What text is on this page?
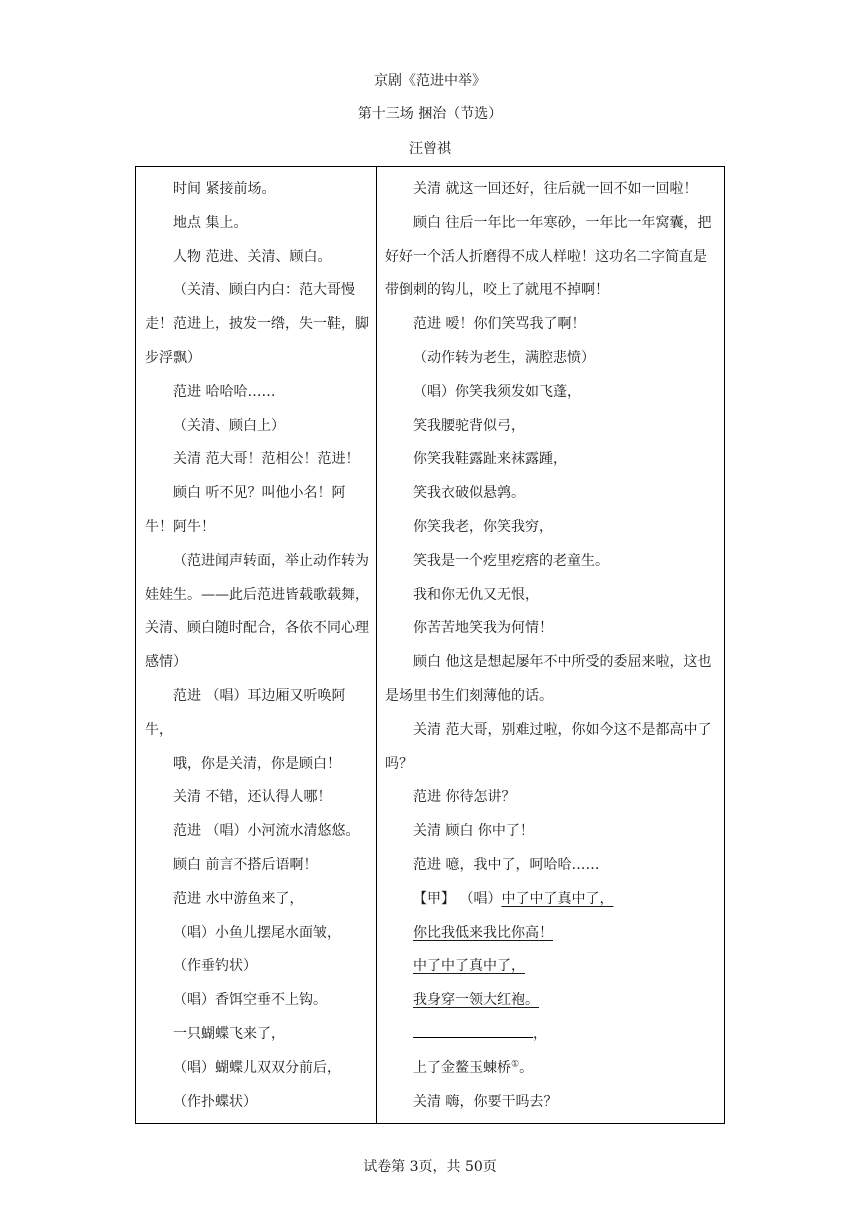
京剧《范进中举》
第十三场 捆治（节选）
汪曾祺

时间 紧接前场。

地点 集上。

人物 范进、关清、顾白。

（关清、顾白内白：范大哥慢走！范进上，披发一绺，失一鞋，脚步浮飘）

范进 哈哈哈……

（关清、顾白上）

关清 范大哥！范相公！范进！

顾白 听不见？叫他小名！阿牛！阿牛！

（范进闻声转面，举止动作转为娃娃生。——此后范进皆载歌载舞，关清、顾白随时配合，各依不同心理感情）

范进 （唱）耳边厢又听唤阿牛，

哦，你是关清，你是顾白！

关清 不错，还认得人哪！

范进 （唱）小河流水清悠悠。

顾白 前言不搭后语啊！

范进 水中游鱼来了，

（唱）小鱼儿摆尾水面皱，

（作垂钓状）

（唱）香饵空垂不上钩。

一只蝴蝶飞来了，

（唱）蝴蝶儿双双分前后，

（作扑蝶状）

关清 就这一回还好，往后就一回不如一回啦！

顾白 往后一年比一年寒砂，一年比一年窝囊，把好好一个活人折磨得不成人样啦！这功名二字简直是带倒刺的钩儿，咬上了就甩不掉啊！

范进 嗳！你们笑骂我了啊！

（动作转为老生，满腔悲愤）

（唱）你笑我须发如飞蓬，

笑我腰驼背似弓，

你笑我鞋露趾来袜露踵，

笑我衣破似悬鹑。

你笑我老，你笑我穷，

笑我是一个疙里疙瘩的老童生。

我和你无仇又无恨，

你苦苦地笑我为何情！

顾白 他这是想起屡年不中所受的委屈来啦，这也是场里书生们刻薄他的话。

关清 范大哥，别难过啦，你如今这不是都高中了吗？

范进 你待怎讲？

关清 顾白 你中了！

范进 噫，我中了，呵哈哈……

【甲】 （唱）中了中了真中了，

你比我低来我比你高！

中了中了真中了，

我身穿一领大红袍。

，

上了金鳌玉蝀桥①。

关清 嗨，你要干吗去？

试卷第 3页，共 50页
